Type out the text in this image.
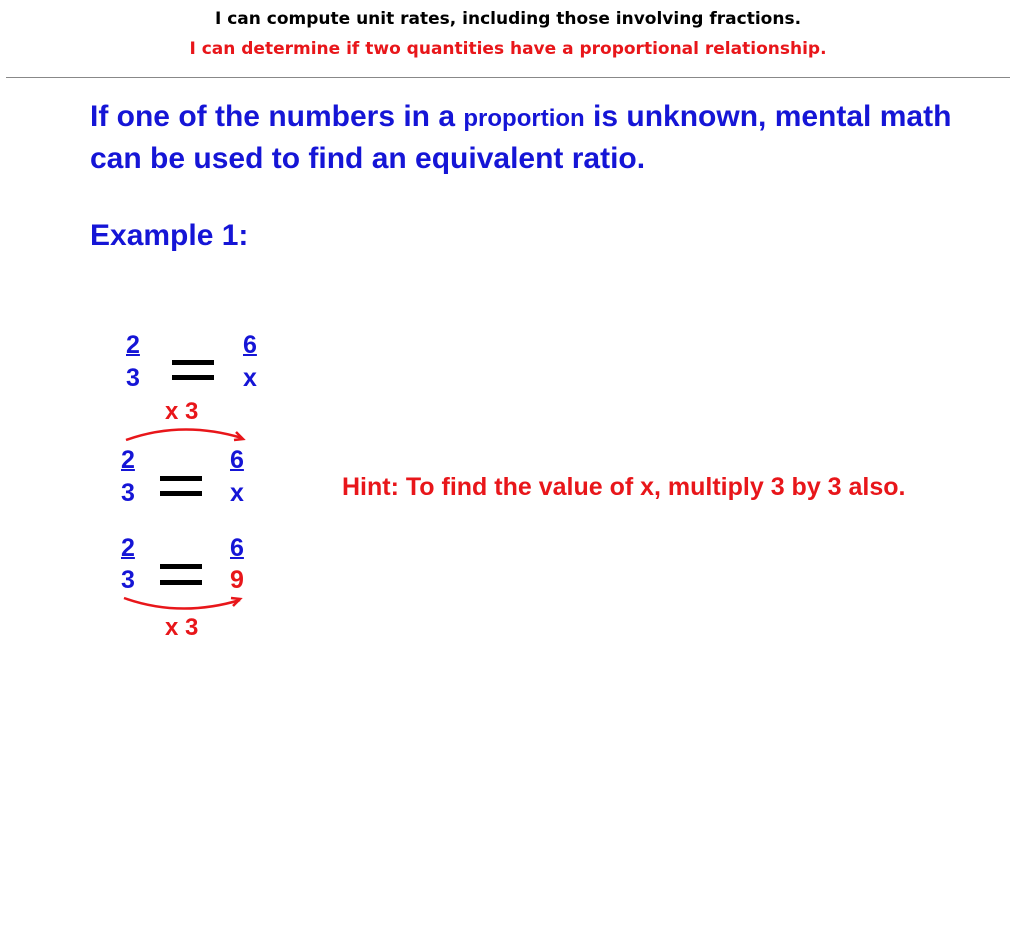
I can compute unit rates, including those involving fractions.
I can determine if two quantities have a proportional relationship.
If one of the numbers in a proportion is unknown, mental math can be used to find an equivalent ratio.
Example 1:
2
3
6
x
x 3
2
3
6
x
2
3
6
9
x 3
Hint: To find the value of x, multiply 3 by 3 also.
